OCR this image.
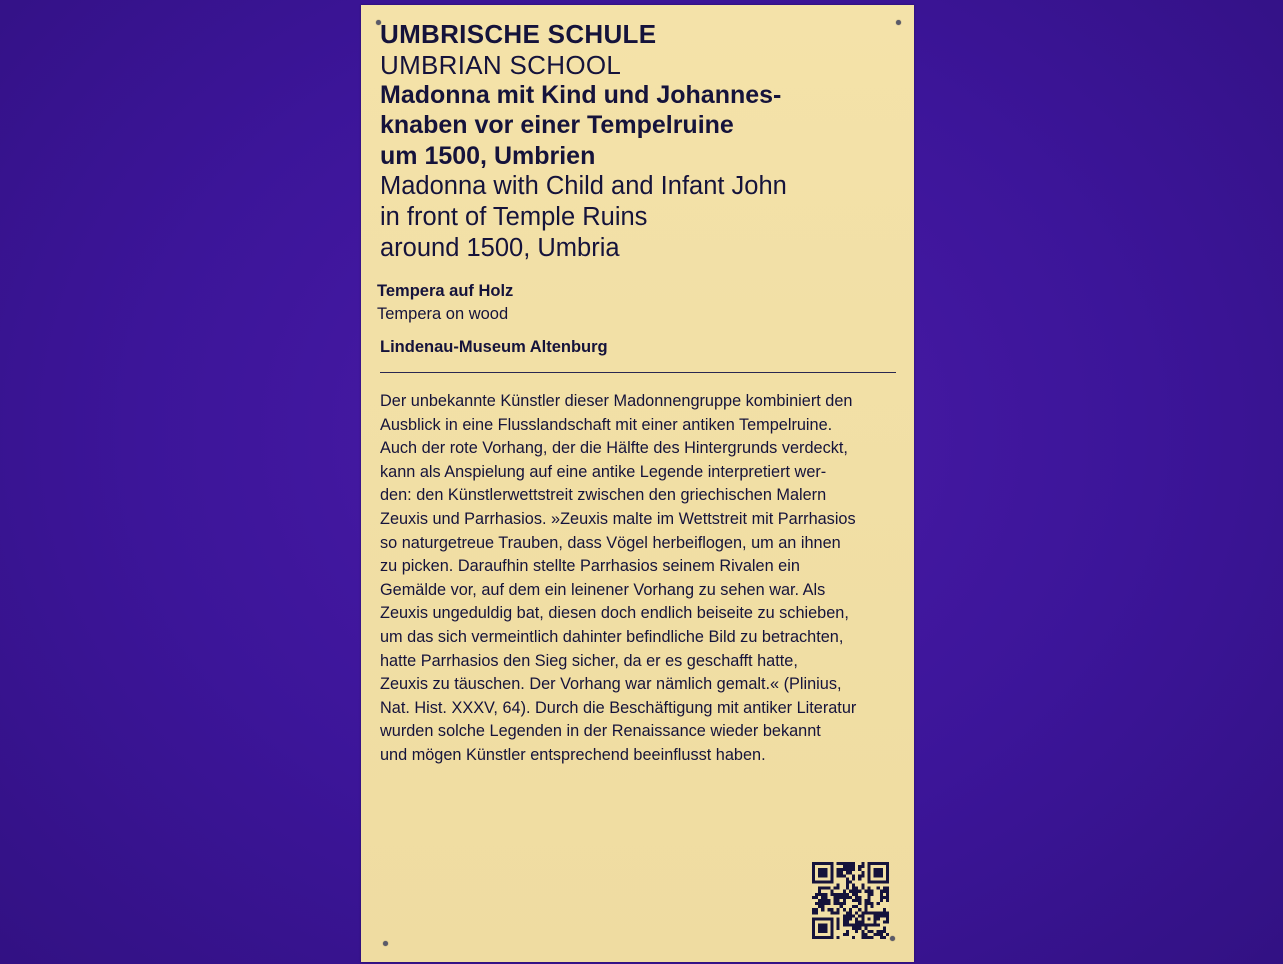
UMBRISCHE SCHULE
UMBRIAN SCHOOL
Madonna mit Kind und Johannes-
knaben vor einer Tempelruine
um 1500, Umbrien
Madonna with Child and Infant John
in front of Temple Ruins
around 1500, Umbria
Tempera auf Holz
Tempera on wood
Lindenau-Museum Altenburg
Der unbekannte Künstler dieser Madonnengruppe kombiniert den
Ausblick in eine Flusslandschaft mit einer antiken Tempelruine.
Auch der rote Vorhang, der die Hälfte des Hintergrunds verdeckt,
kann als Anspielung auf eine antike Legende interpretiert wer-
den: den Künstlerwettstreit zwischen den griechischen Malern
Zeuxis und Parrhasios. »Zeuxis malte im Wettstreit mit Parrhasios
so naturgetreue Trauben, dass Vögel herbeiflogen, um an ihnen
zu picken. Daraufhin stellte Parrhasios seinem Rivalen ein
Gemälde vor, auf dem ein leinener Vorhang zu sehen war. Als
Zeuxis ungeduldig bat, diesen doch endlich beiseite zu schieben,
um das sich vermeintlich dahinter befindliche Bild zu betrachten,
hatte Parrhasios den Sieg sicher, da er es geschafft hatte,
Zeuxis zu täuschen. Der Vorhang war nämlich gemalt.« (Plinius,
Nat. Hist. XXXV, 64). Durch die Beschäftigung mit antiker Literatur
wurden solche Legenden in der Renaissance wieder bekannt
und mögen Künstler entsprechend beeinflusst haben.
